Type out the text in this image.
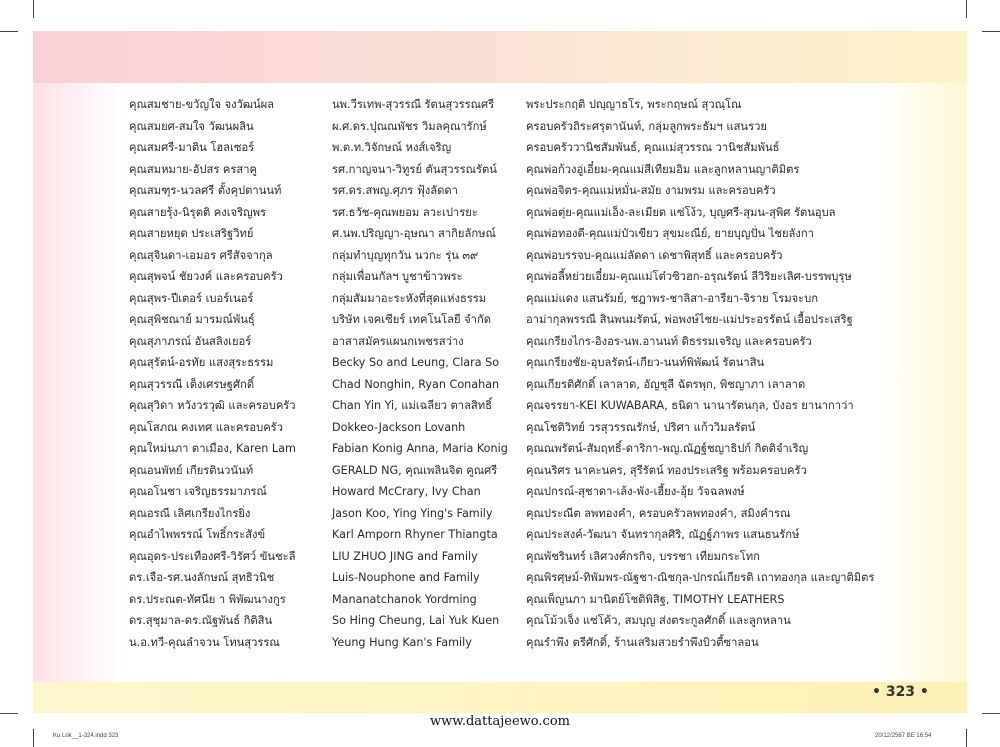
คุณสมชาย-ขวัญใจ จงวัฒน์ผล
คุณสมยศ-สมใจ วัฒนผลิน
คุณสมศรี-มาติน โฮลเซอร์
คุณสมหมาย-อัปสร ครสาคู
คุณสมฑุร-นวลศรี ตั้งคุปตานนท์
คุณสายรุ้ง-นิรุตติ คงเจริญพร
คุณสายหยุด ประเสริฐวิทย์
คุณสุจินดา-เอมอร ศรีสัจจากุล
คุณสุพจน์ ชัยวงค์ และครอบครัว
คุณสุพร-ปีเตอร์ เบอร์เนอร์
คุณสุพิชณาย์ มารมณ์พันธุ์
คุณสุภาภรณ์ อันสลิงเยอร์
คุณสุรัตน์-อรทัย แสงสุระธรรม
คุณสุวรรณี เต็งเศรษฐศักดิ์
คุณสุวิดา หวังวรวุฒิ และครอบครัว
คุณโสภณ คงเทศ และครอบครัว
คุณใหม่นภา ตาเมือง, Karen Lam
คุณอนพัทย์ เกียรตินวนันท์
คุณอโนชา เจริญธรรมาภรณ์
คุณอรณี เลิศเกรียงไกรยิ่ง
คุณอำไพพรรณ์ โพธิ์กระสังข์
คุณอุดร-ประเทืองศรี-วิรัศว์ ขันชะลี
ดร.เจือ-รศ.นงลักษณ์ สุทธิวนิช
ดร.ประณต-ทัศนีย า พิพัฒนางกูร
ดร.สุชุมาล-ดร.ณัฐพันธ์ กิติสิน
น.อ.ทวี-คุณลำจวน โทนสุวรรณ
นพ.วีรเทพ-สุวรรณี รัตนสุวรรณศรี
ผ.ศ.ดร.ปุณณพัชร วิมลคุณารักษ์
พ.ต.ท.วิจักษณ์ หงส์เจริญ
รศ.กาญจนา-วิทูรย์ ตันสุวรรณรัตน์
รศ.ดร.สพญ.ศุภร ฟุ้งลัดดา
รศ.ธวัช-คุณพยอม ลวะเปารยะ
ศ.นพ.ปริญญา-อุษณา สากิยลักษณ์
กลุ่มทำบุญทุกวัน นวกะ รุ่น ๓๙
กลุ่มเพื่อนกัลฯ บูชาข้าวพระ
กลุ่มสัมมาอะระหังที่สุดแห่งธรรม
บริษัท เจคเซียร์ เทคโนโลยี จำกัด
อาสาสมัครแผนกเพชรสว่าง
Becky So and Leung, Clara So
Chad Nonghin, Ryan Conahan
Chan Yin Yi, แม่เฉลียว ตาลสิทธิ์
Dokkeo-Jackson Lovanh
Fabian Konig Anna, Maria Konig
GERALD NG, คุณเพลินจิต คูณศรี
Howard McCrary, Ivy Chan
Jason Koo, Ying Ying's Family
Karl Amporn Rhyner Thiangta
LIU ZHUO JING and Family
Luis-Nouphone and Family
Mananatchanok Yordming
So Hing Cheung, Lai Yuk Kuen
Yeung Hung Kan's Family
พระประกฤติ ปญฺญาธโร, พระกฤษณ์ สุวณฺโณ
ครอบครัวถิระศรุตานันท์, กลุ่มลูกพระธัมฯ แสนรวย
ครอบครัววานิชสัมพันธ์, คุณแม่สุวรรณ วานิชสัมพันธ์
คุณพ่อก้วงอู่เอี๋ยม-คุณแม่สีเทียมอิม และลูกหลานญาติมิตร
คุณพ่อจิตร-คุณแม่หมั่น-สมัย งามพรม และครอบครัว
คุณพ่อตุ่ย-คุณแม่เอ็ง-ละเมียด แซ่โง้ว, บุญศรี-สุมน-สุพิศ รัตนอุบล
คุณพ่อทองดี-คุณแม่บัวเขียว สุขมะณีย์, ยายบุญปั่น ไชยลังกา
คุณพ่อบรรจบ-คุณแม่ลัดดา เดชาพิสุทธิ์ และครอบครัว
คุณพ่อลี้หย่วยเอี๋ยม-คุณแม่โต๋วซิวฮก-อรุณรัตน์ ลีวิริยะเลิศ-บรรพบุรุษ
คุณแม่แดง แสนรัมย์, ชฎาพร-ชาลิสา-อารียา-จิราย โรมจะบก
อาม่ากุลพรรณี สินพนมรัตน์, พ่อพงษ์ไชย-แม่ประอรรัตน์ เอื้อประเสริฐ
คุณเกรียงไกร-อิงอร-นพ.อานนท์ ดิธรรมเจริญ และครอบครัว
คุณเกรียงชัย-อุบลรัตน์-เกียว-นนท์พิพัฒน์ รัตนาสิน
คุณเกียรติศักดิ์ เลาลาด, อัญชุลี ฉัตรพุก, พิชญาภา เลาลาด
คุณจรรยา-KEI KUWABARA, ธนิดา นานารัตนกุล, บังอร ยานากาว่า
คุณโชติวิทย์ วรสุวรรณรักษ์, ปริศา แก้ววิมลรัตน์
คุณณพรัตน์-สัมฤทธิ์-ดาริกา-พญ.ณัฏฐ์ชญาธิปก์ กิตติจำเริญ
คุณนริศร นาคะนคร, สุรีรัตน์ ทองประเสริฐ พร้อมครอบครัว
คุณปกรณ์-สุชาดา-เล้ง-พัง-เฮี้ยง-อุ้ย วัจฉลพงษ์
คุณประณีต ลพทองคำ, ครอบครัวลพทองคำ, สมิงคำรณ
คุณประสงค์-วัฒนา จันทรากุลศิริ, ณัฏฐ์ภาพร แสนธนรักษ์
คุณพัชรินทร์ เลิศวงศ์กรกิจ, บรรชา เทียมกระโทก
คุณพิรศุษม์-ทิพัมพร-ณัฐชา-ณิชกุล-ปกรณ์เกียรติ เถาทองกุล และญาติมิตร
คุณเพ็ญนภา มานิตย์โชติพิสิฐ, TIMOTHY LEATHERS
คุณโม้วเจ็ง แซ่โค้ว, สมบุญ ส่งตระกูลศักดิ์ และลูกหลาน
คุณรำพึง ตรีศักดิ์, ร้านเสริมสวยรำพึงบิวตี้ซาลอน
• 323 •
www.dattajeewo.com
Ku Lok__1-324.indd 323	20/12/2567 BE 16:54
